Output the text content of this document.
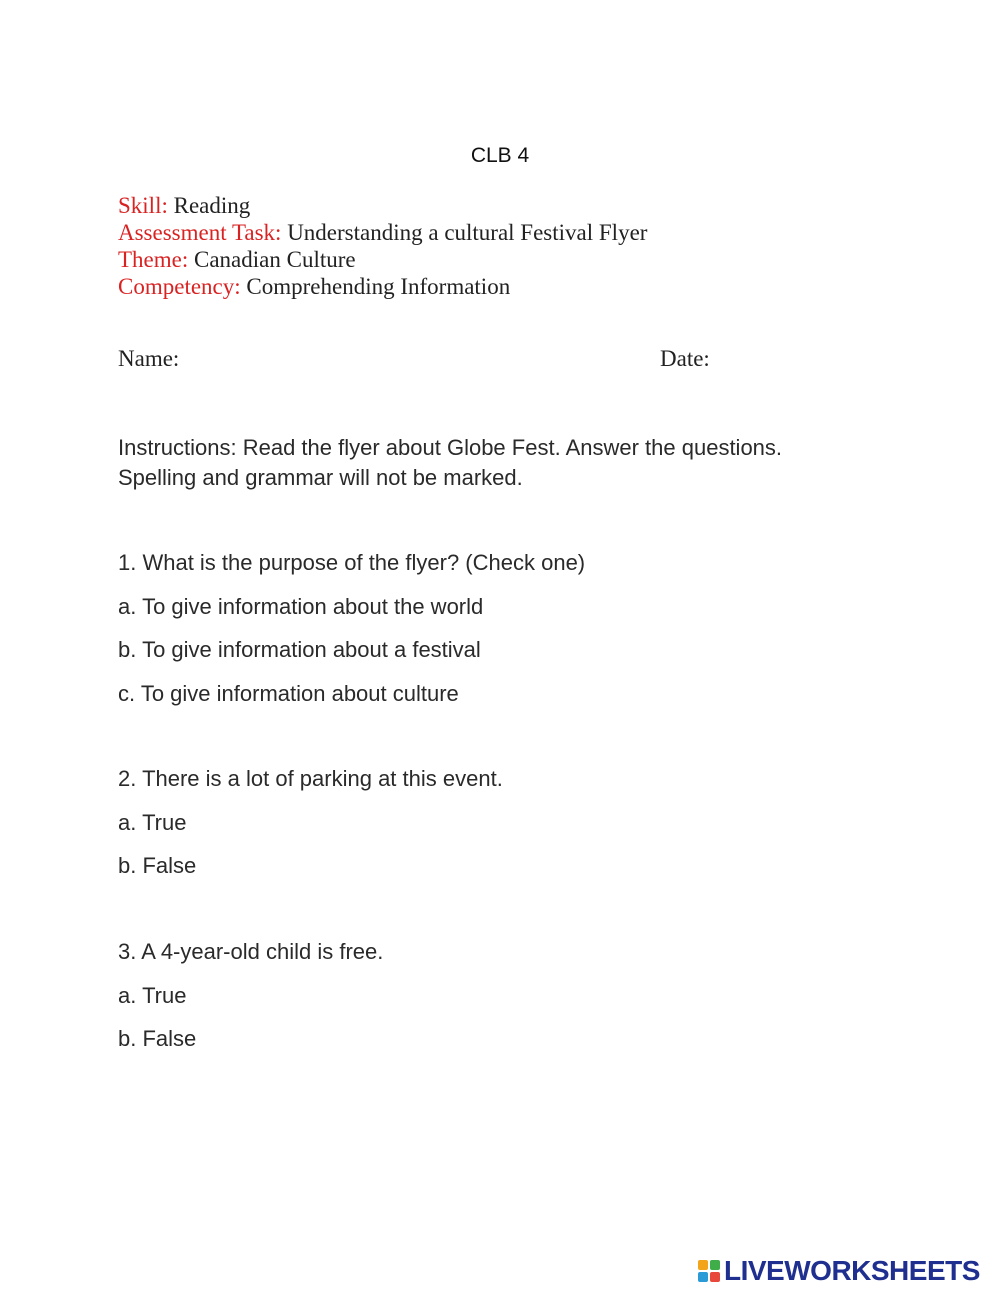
CLB 4
Skill: Reading
Assessment Task: Understanding a cultural Festival Flyer
Theme: Canadian Culture
Competency: Comprehending Information
Name:	Date:
Instructions: Read the flyer about Globe Fest. Answer the questions.
Spelling and grammar will not be marked.
1. What is the purpose of the flyer? (Check one)
a. To give information about the world
b. To give information about a festival
c. To give information about culture
2. There is a lot of parking at this event.
a. True
b. False
3. A 4-year-old child is free.
a. True
b. False
LIVEWORKSHEETS
